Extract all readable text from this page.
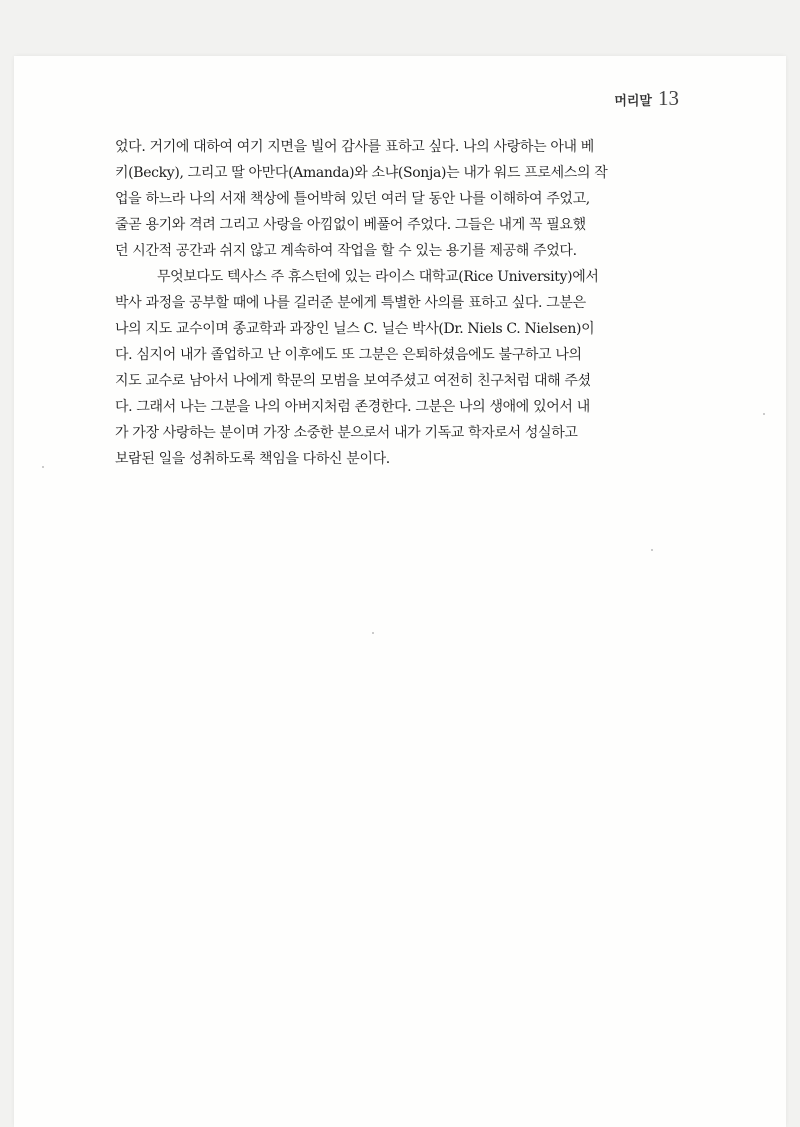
머리말 13
었다. 거기에 대하여 여기 지면을 빌어 감사를 표하고 싶다. 나의 사랑하는 아내 베
키(Becky), 그리고 딸 아만다(Amanda)와 소냐(Sonja)는 내가 워드 프로세스의 작
업을 하느라 나의 서재 책상에 틀어박혀 있던 여러 달 동안 나를 이해하여 주었고,
줄곧 용기와 격려 그리고 사랑을 아낌없이 베풀어 주었다. 그들은 내게 꼭 필요했
던 시간적 공간과 쉬지 않고 계속하여 작업을 할 수 있는 용기를 제공해 주었다.
무엇보다도 텍사스 주 휴스턴에 있는 라이스 대학교(Rice University)에서
박사 과정을 공부할 때에 나를 길러준 분에게 특별한 사의를 표하고 싶다. 그분은
나의 지도 교수이며 종교학과 과장인 닐스 C. 닐슨 박사(Dr. Niels C. Nielsen)이
다. 심지어 내가 졸업하고 난 이후에도 또 그분은 은퇴하셨음에도 불구하고 나의
지도 교수로 남아서 나에게 학문의 모범을 보여주셨고 여전히 친구처럼 대해 주셨
다. 그래서 나는 그분을 나의 아버지처럼 존경한다. 그분은 나의 생애에 있어서 내
가 가장 사랑하는 분이며 가장 소중한 분으로서 내가 기독교 학자로서 성실하고
보람된 일을 성취하도록 책임을 다하신 분이다.
